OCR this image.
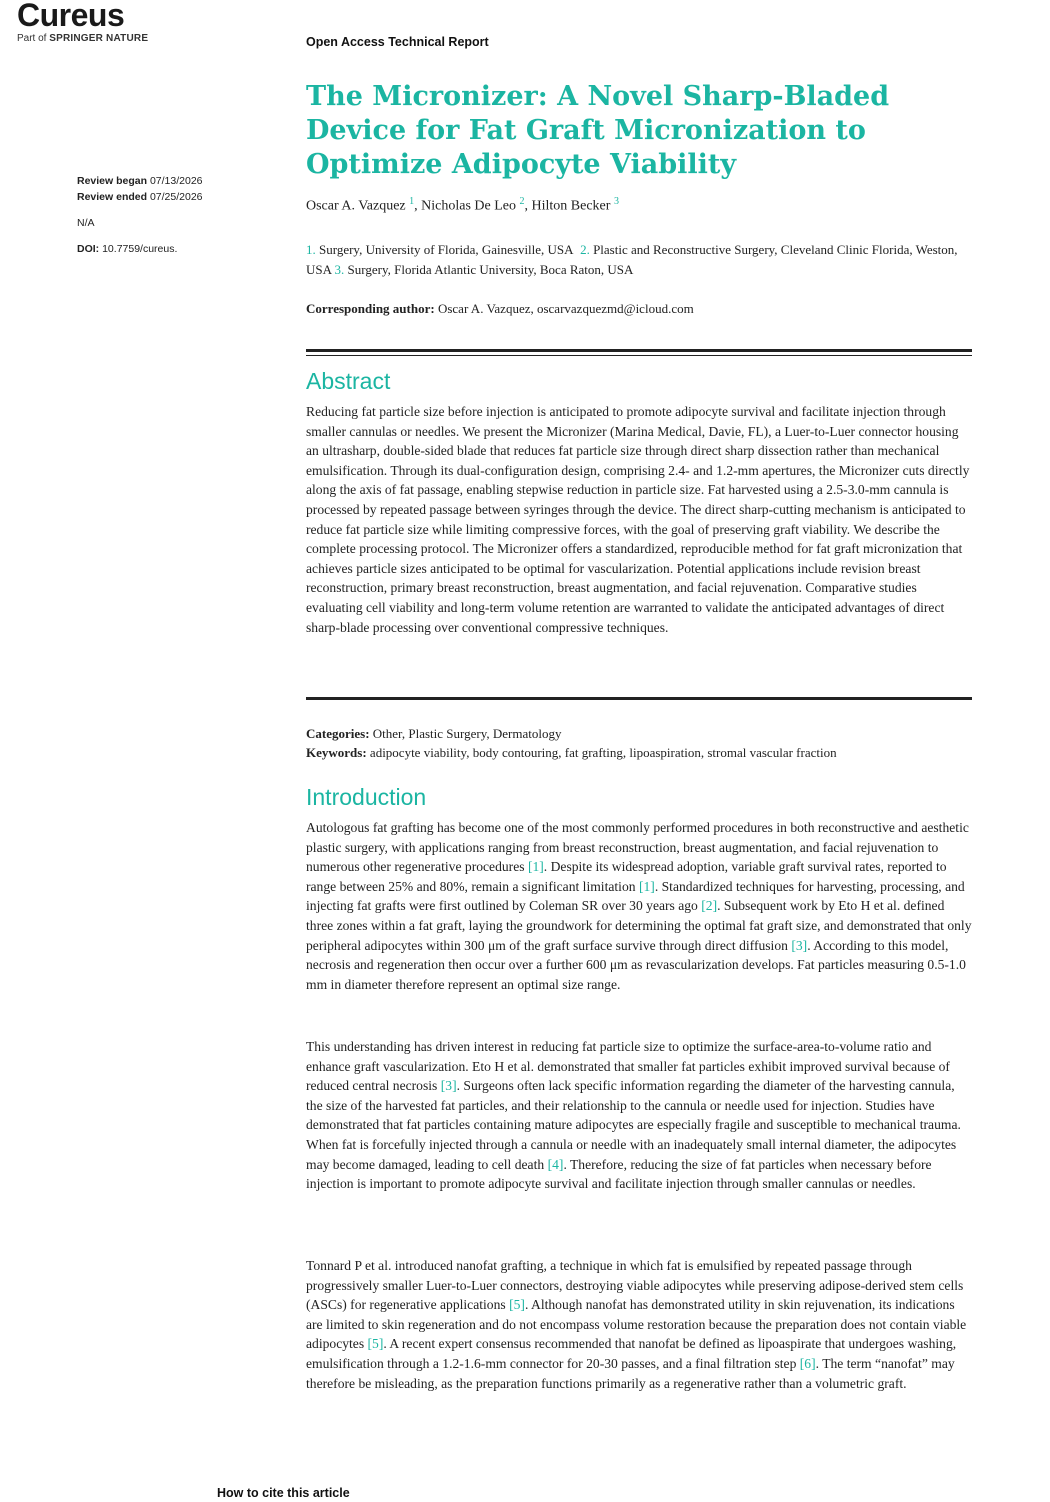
Cureus
Part of SPRINGER NATURE	Open Access Technical Report
Review began 07/13/2026
Review ended 07/25/2026
N/A
DOI: 10.7759/cureus.
The Micronizer: A Novel Sharp-Bladed Device for Fat Graft Micronization to Optimize Adipocyte Viability
Oscar A. Vazquez $^1$, Nicholas De Leo $^2$, Hilton Becker $^3$
1. Surgery, University of Florida, Gainesville, USA 2. Plastic and Reconstructive Surgery, Cleveland Clinic Florida, Weston, USA 3. Surgery, Florida Atlantic University, Boca Raton, USA
Corresponding author: Oscar A. Vazquez, oscarvazquezmd@icloud.com
Abstract

Reducing fat particle size before injection is anticipated to promote adipocyte survival and facilitate injection through smaller cannulas or needles. We present the Micronizer (Marina Medical, Davie, FL), a Luer-to-Luer connector housing an ultrasharp, double-sided blade that reduces fat particle size through direct sharp dissection rather than mechanical emulsification. Through its dual-configuration design, comprising 2.4- and 1.2-mm apertures, the Micronizer cuts directly along the axis of fat passage, enabling stepwise reduction in particle size. Fat harvested using a 2.5-3.0-mm cannula is processed by repeated passage between syringes through the device. The direct sharp-cutting mechanism is anticipated to reduce fat particle size while limiting compressive forces, with the goal of preserving graft viability. We describe the complete processing protocol. The Micronizer offers a standardized, reproducible method for fat graft micronization that achieves particle sizes anticipated to be optimal for vascularization. Potential applications include revision breast reconstruction, primary breast reconstruction, breast augmentation, and facial rejuvenation. Comparative studies evaluating cell viability and long-term volume retention are warranted to validate the anticipated advantages of direct sharp-blade processing over conventional compressive techniques.

Categories: Other, Plastic Surgery, Dermatology
Keywords: adipocyte viability, body contouring, fat grafting, lipoaspiration, stromal vascular fraction
Introduction

Autologous fat grafting has become one of the most commonly performed procedures in both reconstructive and aesthetic plastic surgery, with applications ranging from breast reconstruction, breast augmentation, and facial rejuvenation to numerous other regenerative procedures [1]. Despite its widespread adoption, variable graft survival rates, reported to range between 25% and 80%, remain a significant limitation [1]. Standardized techniques for harvesting, processing, and injecting fat grafts were first outlined by Coleman SR over 30 years ago [2]. Subsequent work by Eto H et al. defined three zones within a fat graft, laying the groundwork for determining the optimal fat graft size, and demonstrated that only peripheral adipocytes within 300 μm of the graft surface survive through direct diffusion [3]. According to this model, necrosis and regeneration then occur over a further 600 μm as revascularization develops. Fat particles measuring 0.5-1.0 mm in diameter therefore represent an optimal size range.

This understanding has driven interest in reducing fat particle size to optimize the surface-area-to-volume ratio and enhance graft vascularization. Eto H et al. demonstrated that smaller fat particles exhibit improved survival because of reduced central necrosis [3]. Surgeons often lack specific information regarding the diameter of the harvesting cannula, the size of the harvested fat particles, and their relationship to the cannula or needle used for injection. Studies have demonstrated that fat particles containing mature adipocytes are especially fragile and susceptible to mechanical trauma. When fat is forcefully injected through a cannula or needle with an inadequately small internal diameter, the adipocytes may become damaged, leading to cell death [4]. Therefore, reducing the size of fat particles when necessary before injection is important to promote adipocyte survival and facilitate injection through smaller cannulas or needles.

Tonnard P et al. introduced nanofat grafting, a technique in which fat is emulsified by repeated passage through progressively smaller Luer-to-Luer connectors, destroying viable adipocytes while preserving adipose-derived stem cells (ASCs) for regenerative applications [5]. Although nanofat has demonstrated utility in skin rejuvenation, its indications are limited to skin regeneration and do not encompass volume restoration because the preparation does not contain viable adipocytes [5]. A recent expert consensus recommended that nanofat be defined as lipoaspirate that undergoes washing, emulsification through a 1.2-1.6-mm connector for 20-30 passes, and a final filtration step [6]. The term “nanofat” may therefore be misleading, as the preparation functions primarily as a regenerative rather than a volumetric graft.

How to cite this article
